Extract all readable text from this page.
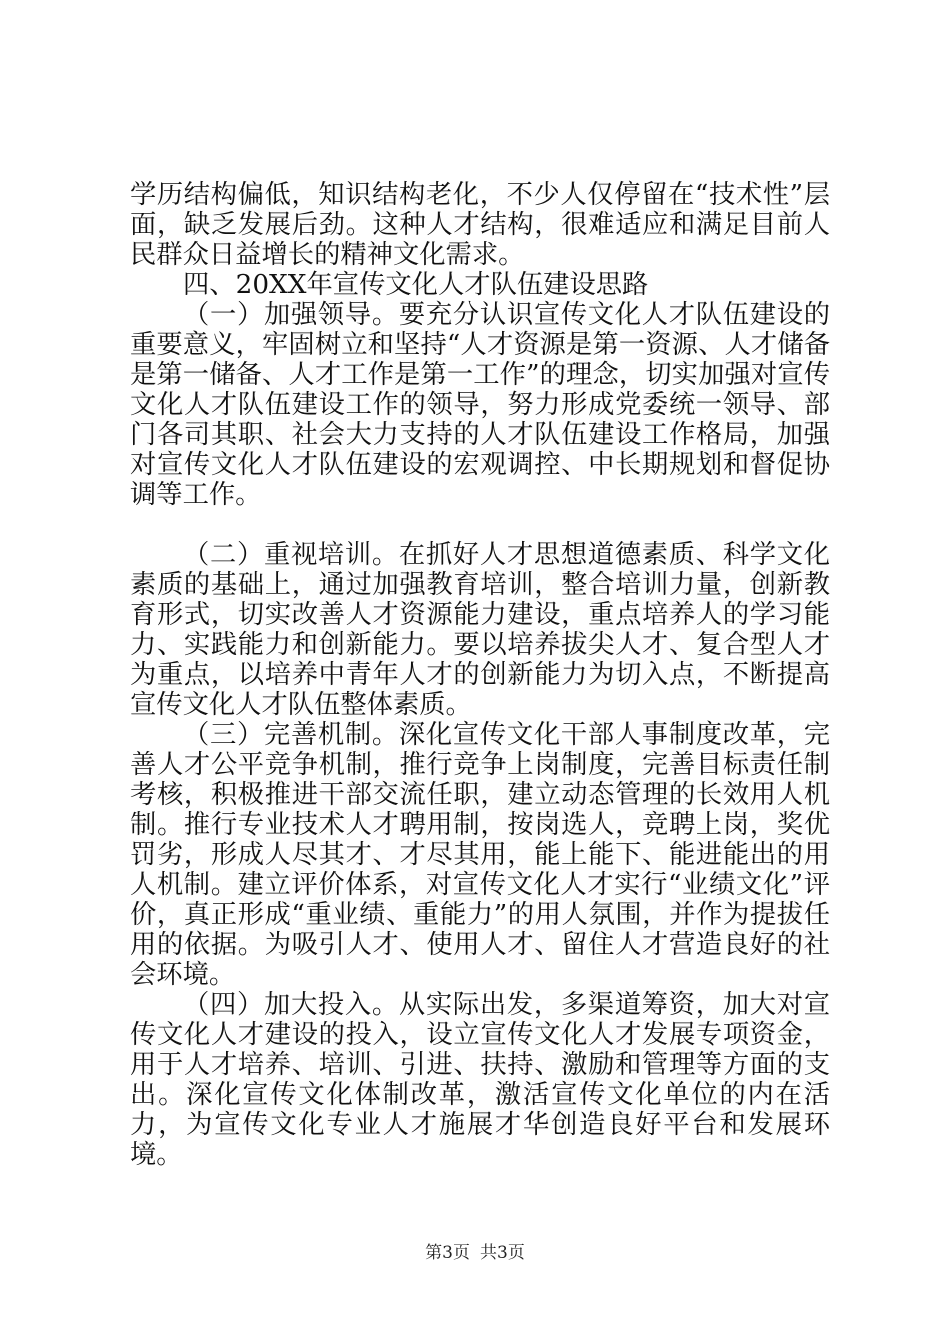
学历结构偏低，知识结构老化，不少人仅停留在“技术性”层面，缺乏发展后劲。这种人才结构，很难适应和满足目前人民群众日益增长的精神文化需求。

四、20XX年宣传文化人才队伍建设思路

（一）加强领导。要充分认识宣传文化人才队伍建设的重要意义，牢固树立和坚持“人才资源是第一资源、人才储备是第一储备、人才工作是第一工作”的理念，切实加强对宣传文化人才队伍建设工作的领导，努力形成党委统一领导、部门各司其职、社会大力支持的人才队伍建设工作格局，加强对宣传文化人才队伍建设的宏观调控、中长期规划和督促协调等工作。

（二）重视培训。在抓好人才思想道德素质、科学文化素质的基础上，通过加强教育培训，整合培训力量，创新教育形式，切实改善人才资源能力建设，重点培养人的学习能力、实践能力和创新能力。要以培养拔尖人才、复合型人才为重点，以培养中青年人才的创新能力为切入点，不断提高宣传文化人才队伍整体素质。

（三）完善机制。深化宣传文化干部人事制度改革，完善人才公平竞争机制，推行竞争上岗制度，完善目标责任制考核，积极推进干部交流任职，建立动态管理的长效用人机制。推行专业技术人才聘用制，按岗选人，竞聘上岗，奖优罚劣，形成人尽其才、才尽其用，能上能下、能进能出的用人机制。建立评价体系，对宣传文化人才实行“业绩文化”评价，真正形成“重业绩、重能力”的用人氛围，并作为提拔任用的依据。为吸引人才、使用人才、留住人才营造良好的社会环境。

（四）加大投入。从实际出发，多渠道筹资，加大对宣传文化人才建设的投入，设立宣传文化人才发展专项资金，用于人才培养、培训、引进、扶持、激励和管理等方面的支出。深化宣传文化体制改革，激活宣传文化单位的内在活力，为宣传文化专业人才施展才华创造良好平台和发展环境。

第3页 共3页
